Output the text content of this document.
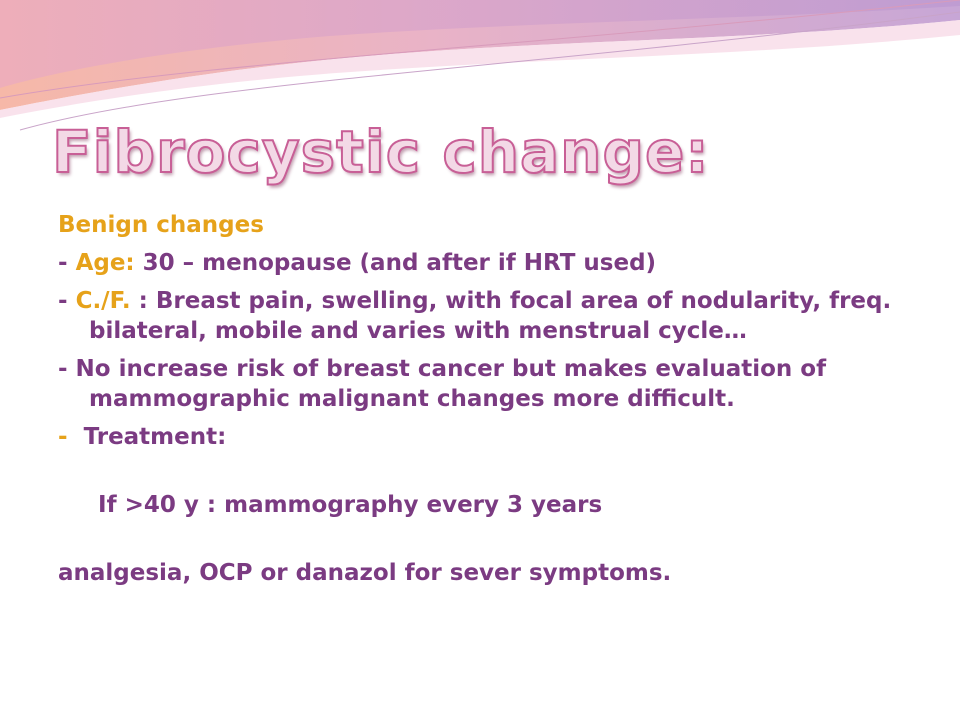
Fibrocystic change:
Benign changes
- Age: 30 – menopause (and after if HRT used)
- C./F. : Breast pain, swelling, with focal area of nodularity, freq. bilateral, mobile and varies with menstrual cycle…
- No increase risk of breast cancer but makes evaluation of mammographic malignant changes more difficult.
-  Treatment:

If >40 y : mammography every 3 years

analgesia, OCP or danazol for sever symptoms.
